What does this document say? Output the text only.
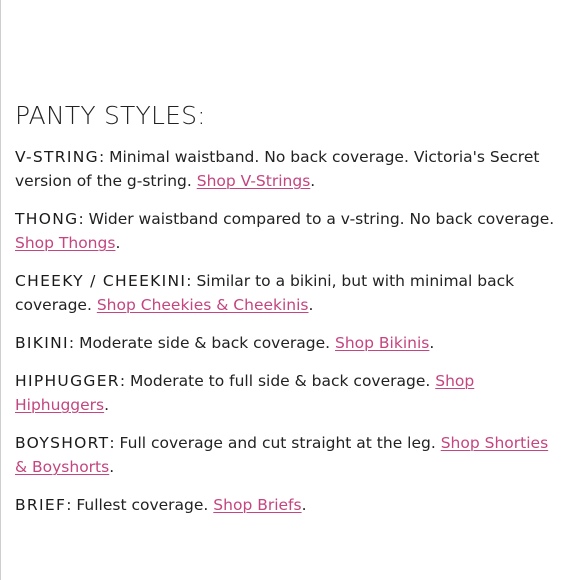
PANTY STYLES:

V-STRING: Minimal waistband. No back coverage. Victoria's Secret version of the g-string. Shop V-Strings.

THONG: Wider waistband compared to a v-string. No back coverage. Shop Thongs.

CHEEKY / CHEEKINI: Similar to a bikini, but with minimal back coverage. Shop Cheekies & Cheekinis.

BIKINI: Moderate side & back coverage. Shop Bikinis.

HIPHUGGER: Moderate to full side & back coverage. Shop Hiphuggers.

BOYSHORT: Full coverage and cut straight at the leg. Shop Shorties & Boyshorts.

BRIEF: Fullest coverage. Shop Briefs.
